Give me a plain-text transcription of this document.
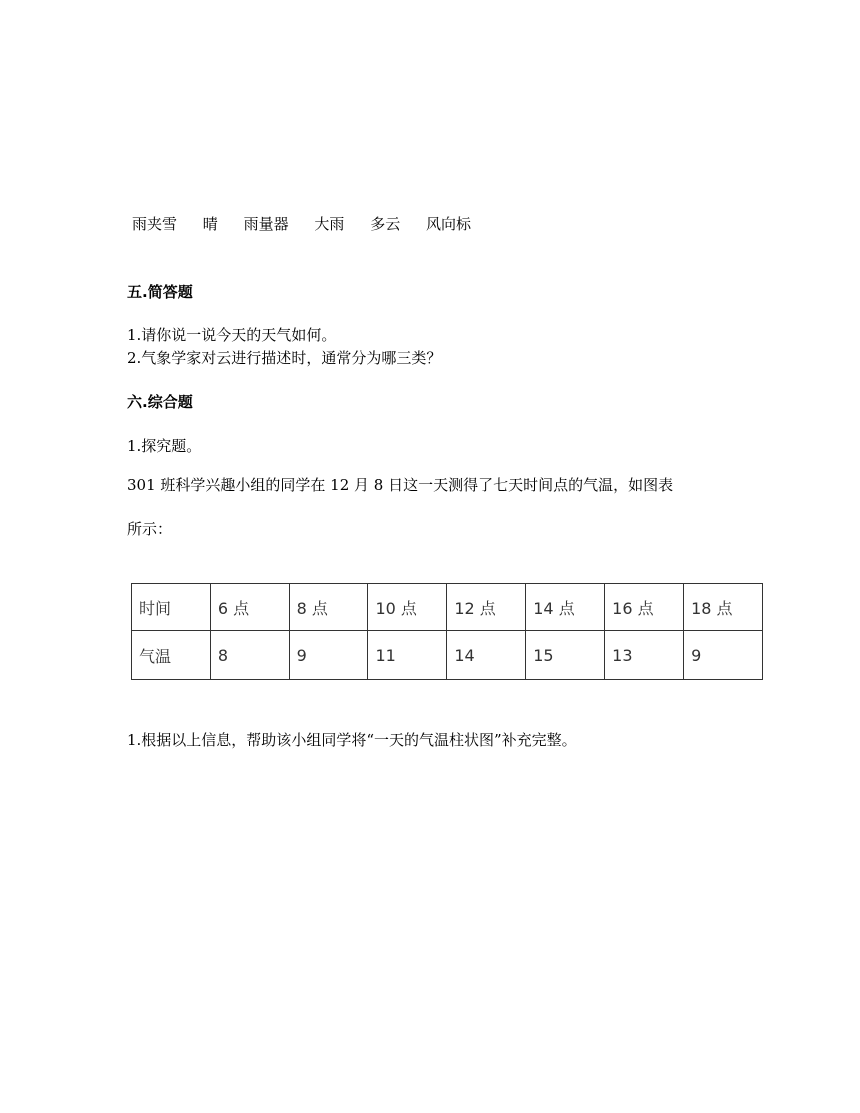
雨夹雪 晴 雨量器 大雨 多云 风向标
五.简答题
1.请你说一说今天的天气如何。
2.气象学家对云进行描述时，通常分为哪三类？
六.综合题
1.探究题。
301 班科学兴趣小组的同学在 12 月 8 日这一天测得了七天时间点的气温，如图表
所示：
时间	6 点	8 点	10 点	12 点	14 点	16 点	18 点
气温	8	9	11	14	15	13	9
1.根据以上信息，帮助该小组同学将“一天的气温柱状图”补充完整。
